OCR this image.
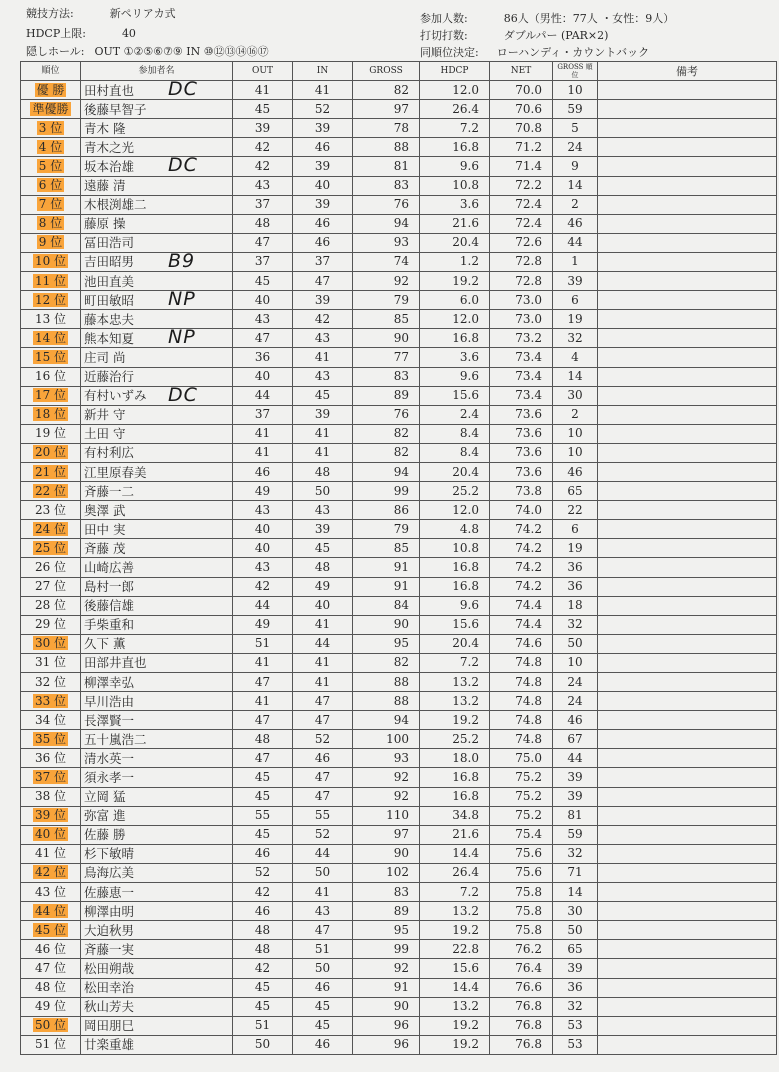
競技方法:	新ペリアカ式
HDCP上限:	40
隠しホール: OUT ①②⑤⑥⑦⑨ IN ⑩⑫⑬⑭⑯⑰
参加人数:	86人（男性：77人 ・女性：9人）
打切打数:	ダブルパー (PAR×2)
同順位決定: ローハンディ・カウントバック
順位	参加者名	OUT	IN	GROSS	HDCP	NET	GROSS 順位	備考
優 勝	田村直也	41	41	82	12.0	70.0	10	
準優勝	後藤早智子	45	52	97	26.4	70.6	59	
3 位	青木 隆	39	39	78	7.2	70.8	5	
4 位	青木之光	42	46	88	16.8	71.2	24	
5 位	坂本治雄	42	39	81	9.6	71.4	9	
6 位	遠藤 清	43	40	83	10.8	72.2	14	
7 位	木根渕雄二	37	39	76	3.6	72.4	2	
8 位	藤原 操	48	46	94	21.6	72.4	46	
9 位	冨田浩司	47	46	93	20.4	72.6	44	
10 位	吉田昭男	37	37	74	1.2	72.8	1	
11 位	池田直美	45	47	92	19.2	72.8	39	
12 位	町田敏昭	40	39	79	6.0	73.0	6	
13 位	藤本忠夫	43	42	85	12.0	73.0	19	
14 位	熊本知夏	47	43	90	16.8	73.2	32	
15 位	庄司 尚	36	41	77	3.6	73.4	4	
16 位	近藤治行	40	43	83	9.6	73.4	14	
17 位	有村いずみ	44	45	89	15.6	73.4	30	
18 位	新井 守	37	39	76	2.4	73.6	2	
19 位	土田 守	41	41	82	8.4	73.6	10	
20 位	有村利広	41	41	82	8.4	73.6	10	
21 位	江里原春美	46	48	94	20.4	73.6	46	
22 位	斉藤一二	49	50	99	25.2	73.8	65	
23 位	奥澤 武	43	43	86	12.0	74.0	22	
24 位	田中 実	40	39	79	4.8	74.2	6	
25 位	斉藤 茂	40	45	85	10.8	74.2	19	
26 位	山崎広善	43	48	91	16.8	74.2	36	
27 位	島村一郎	42	49	91	16.8	74.2	36	
28 位	後藤信雄	44	40	84	9.6	74.4	18	
29 位	手柴重和	49	41	90	15.6	74.4	32	
30 位	久下 薫	51	44	95	20.4	74.6	50	
31 位	田部井直也	41	41	82	7.2	74.8	10	
32 位	柳澤幸弘	47	41	88	13.2	74.8	24	
33 位	早川浩由	41	47	88	13.2	74.8	24	
34 位	長澤賢一	47	47	94	19.2	74.8	46	
35 位	五十嵐浩二	48	52	100	25.2	74.8	67	
36 位	清水英一	47	46	93	18.0	75.0	44	
37 位	須永孝一	45	47	92	16.8	75.2	39	
38 位	立岡 猛	45	47	92	16.8	75.2	39	
39 位	弥富 進	55	55	110	34.8	75.2	81	
40 位	佐藤 勝	45	52	97	21.6	75.4	59	
41 位	杉下敏晴	46	44	90	14.4	75.6	32	
42 位	鳥海広美	52	50	102	26.4	75.6	71	
43 位	佐藤恵一	42	41	83	7.2	75.8	14	
44 位	柳澤由明	46	43	89	13.2	75.8	30	
45 位	大迫秋男	48	47	95	19.2	75.8	50	
46 位	斉藤一実	48	51	99	22.8	76.2	65	
47 位	松田朔哉	42	50	92	15.6	76.4	39	
48 位	松田幸治	45	46	91	14.4	76.6	36	
49 位	秋山芳夫	45	45	90	13.2	76.8	32	
50 位	岡田朋巳	51	45	96	19.2	76.8	53	
51 位	廿楽重雄	50	46	96	19.2	76.8	53	
DC
DC
B9
NP
NP
DC
